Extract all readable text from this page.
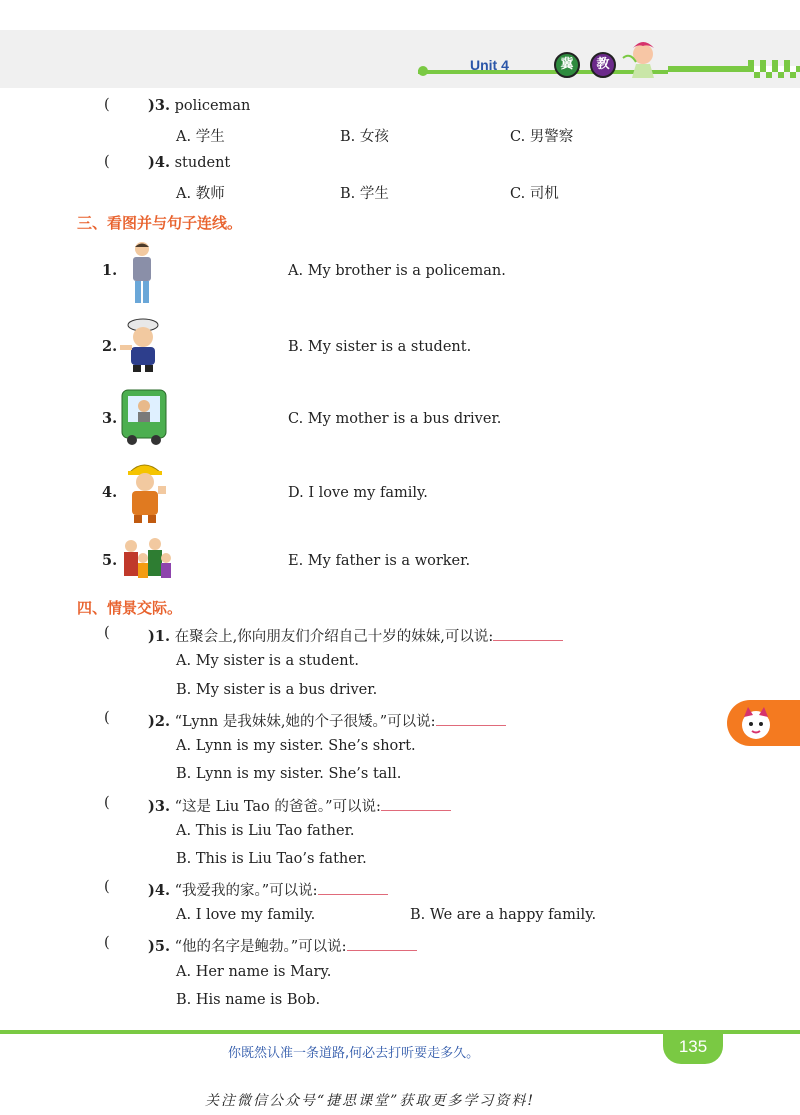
Unit 4	冀	教
(	)3. policeman
A. 学生	B. 女孩	C. 男警察
(	)4. student
A. 教师	B. 学生	C. 司机
三、看图并与句子连线。
1.	A. My brother is a policeman.
2.	B. My sister is a student.
3.	C. My mother is a bus driver.
4.	D. I love my family.
5.	E. My father is a worker.
四、情景交际。
(	)1. 在聚会上,你向朋友们介绍自己十岁的妹妹,可以说:
A. My sister is a student.
B. My sister is a bus driver.
(	)2. “Lynn 是我妹妹,她的个子很矮。”可以说:
A. Lynn is my sister. She’s short.
B. Lynn is my sister. She’s tall.
(	)3. “这是 Liu Tao 的爸爸。”可以说:
A. This is Liu Tao father.
B. This is Liu Tao’s father.
(	)4. “我爱我的家。”可以说:
A. I love my family.	B. We are a happy family.
(	)5. “他的名字是鲍勃。”可以说:
A. Her name is Mary.
B. His name is Bob.
135
你既然认准一条道路,何必去打听要走多久。
关注微信公众号“捷思课堂”获取更多学习资料!
